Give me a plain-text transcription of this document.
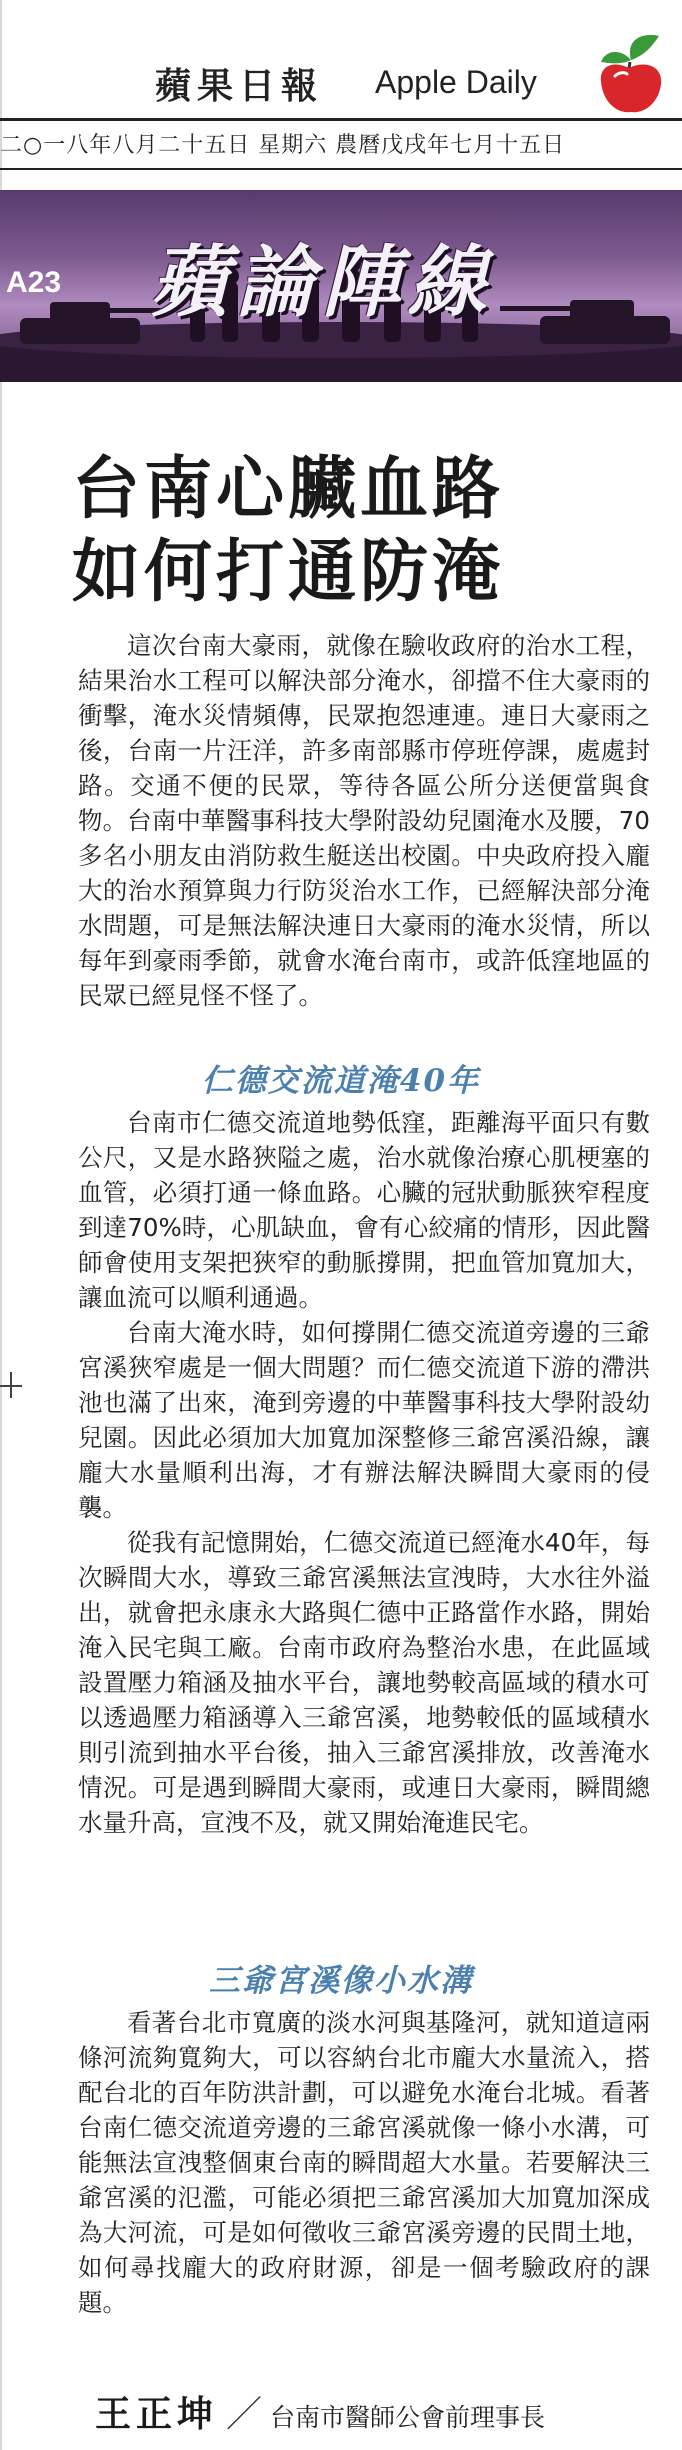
蘋果日報 Apple Daily
二○一八年八月二十五日 星期六 農曆戊戌年七月十五日
A23 蘋論陣線
台南心臟血路
如何打通防淹

這次台南大豪雨，就像在驗收政府的治水工程，結果治水工程可以解決部分淹水，卻擋不住大豪雨的衝擊，淹水災情頻傳，民眾抱怨連連。連日大豪雨之後，台南一片汪洋，許多南部縣市停班停課，處處封路。交通不便的民眾，等待各區公所分送便當與食物。台南中華醫事科技大學附設幼兒園淹水及腰，70多名小朋友由消防救生艇送出校園。中央政府投入龐大的治水預算與力行防災治水工作，已經解決部分淹水問題，可是無法解決連日大豪雨的淹水災情，所以每年到豪雨季節，就會水淹台南市，或許低窪地區的民眾已經見怪不怪了。

仁德交流道淹40年

台南市仁德交流道地勢低窪，距離海平面只有數公尺，又是水路狹隘之處，治水就像治療心肌梗塞的血管，必須打通一條血路。心臟的冠狀動脈狹窄程度到達70%時，心肌缺血，會有心絞痛的情形，因此醫師會使用支架把狹窄的動脈撐開，把血管加寬加大，讓血流可以順利通過。

台南大淹水時，如何撐開仁德交流道旁邊的三爺宮溪狹窄處是一個大問題？而仁德交流道下游的滯洪池也滿了出來，淹到旁邊的中華醫事科技大學附設幼兒園。因此必須加大加寬加深整修三爺宮溪沿線，讓龐大水量順利出海，才有辦法解決瞬間大豪雨的侵襲。

從我有記憶開始，仁德交流道已經淹水40年，每次瞬間大水，導致三爺宮溪無法宣洩時，大水往外溢出，就會把永康永大路與仁德中正路當作水路，開始淹入民宅與工廠。台南市政府為整治水患，在此區域設置壓力箱涵及抽水平台，讓地勢較高區域的積水可以透過壓力箱涵導入三爺宮溪，地勢較低的區域積水則引流到抽水平台後，抽入三爺宮溪排放，改善淹水情況。可是遇到瞬間大豪雨，或連日大豪雨，瞬間總水量升高，宣洩不及，就又開始淹進民宅。

三爺宮溪像小水溝

看著台北市寬廣的淡水河與基隆河，就知道這兩條河流夠寬夠大，可以容納台北市龐大水量流入，搭配台北的百年防洪計劃，可以避免水淹台北城。看著台南仁德交流道旁邊的三爺宮溪就像一條小水溝，可能無法宣洩整個東台南的瞬間超大水量。若要解決三爺宮溪的氾濫，可能必須把三爺宮溪加大加寬加深成為大河流，可是如何徵收三爺宮溪旁邊的民間土地，如何尋找龐大的政府財源，卻是一個考驗政府的課題。

王正坤 ／ 台南市醫師公會前理事長
